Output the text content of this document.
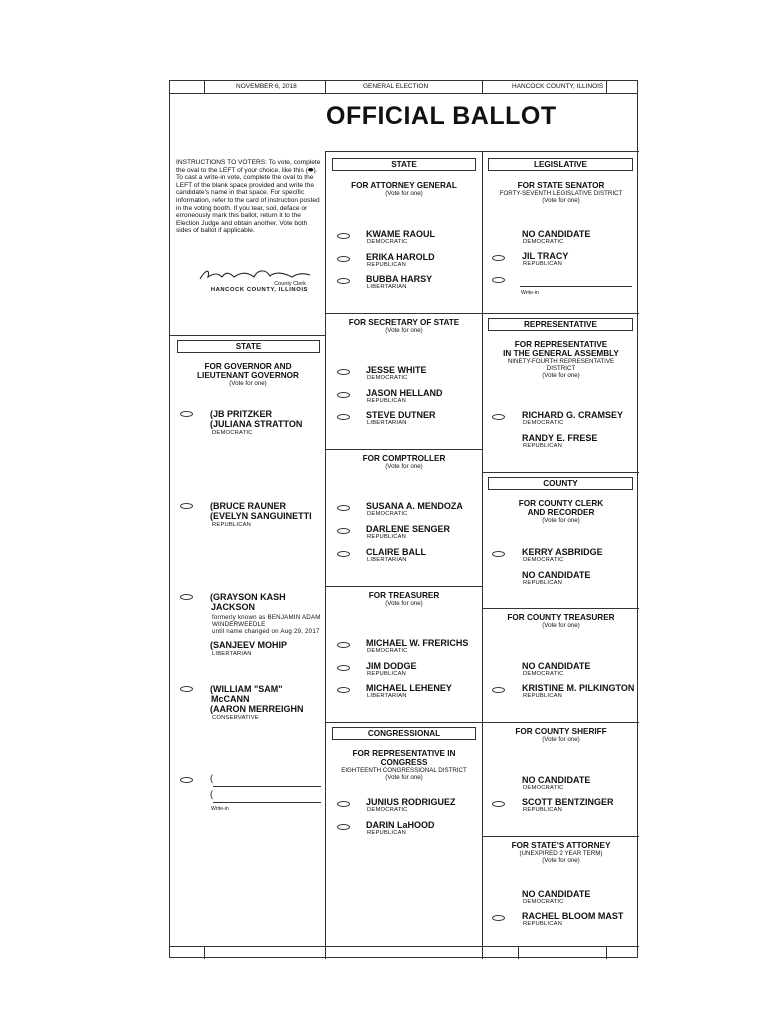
NOVEMBER 6, 2018	GENERAL ELECTION	HANCOCK COUNTY, ILLINOIS
OFFICIAL BALLOT
INSTRUCTIONS TO VOTERS: To vote, complete the oval to the LEFT of your choice, like this (⬬). To cast a write-in vote, complete the oval to the LEFT of the blank space provided and write the candidate's name in that space. For specific information, refer to the card of instruction posted in the voting booth. If you tear, soil, deface or erroneously mark this ballot, return it to the Election Judge and obtain another. Vote both sides of ballot if applicable.
County Clerk
HANCOCK COUNTY, ILLINOIS
STATE
FOR GOVERNOR AND
LIEUTENANT GOVERNOR
(Vote for one)
(JB PRITZKER
(JULIANA STRATTON
DEMOCRATIC
(BRUCE RAUNER
(EVELYN SANGUINETTI
REPUBLICAN
(GRAYSON KASH
JACKSON
formerly known as BENJAMIN ADAM
WINDERWEEDLE
until name changed on Aug 29, 2017
(SANJEEV MOHIP
LIBERTARIAN
(WILLIAM "SAM"
McCANN
(AARON MERREIGHN
CONSERVATIVE
(
(
Write-in
STATE
FOR ATTORNEY GENERAL
(Vote for one)
KWAME RAOUL
DEMOCRATIC
ERIKA HAROLD
REPUBLICAN
BUBBA HARSY
LIBERTARIAN
FOR SECRETARY OF STATE
(Vote for one)
JESSE WHITE
DEMOCRATIC
JASON HELLAND
REPUBLICAN
STEVE DUTNER
LIBERTARIAN
FOR COMPTROLLER
(Vote for one)
SUSANA A. MENDOZA
DEMOCRATIC
DARLENE SENGER
REPUBLICAN
CLAIRE BALL
LIBERTARIAN
FOR TREASURER
(Vote for one)
MICHAEL W. FRERICHS
DEMOCRATIC
JIM DODGE
REPUBLICAN
MICHAEL LEHENEY
LIBERTARIAN
CONGRESSIONAL
FOR REPRESENTATIVE IN
CONGRESS
EIGHTEENTH CONGRESSIONAL DISTRICT
(Vote for one)
JUNIUS RODRIGUEZ
DEMOCRATIC
DARIN LaHOOD
REPUBLICAN
LEGISLATIVE
FOR STATE SENATOR
FORTY-SEVENTH LEGISLATIVE DISTRICT
(Vote for one)
NO CANDIDATE
DEMOCRATIC
JIL TRACY
REPUBLICAN
Write-in
REPRESENTATIVE
FOR REPRESENTATIVE
IN THE GENERAL ASSEMBLY
NINETY-FOURTH REPRESENTATIVE
DISTRICT
(Vote for one)
RICHARD G. CRAMSEY
DEMOCRATIC
RANDY E. FRESE
REPUBLICAN
COUNTY
FOR COUNTY CLERK
AND RECORDER
(Vote for one)
KERRY ASBRIDGE
DEMOCRATIC
NO CANDIDATE
REPUBLICAN
FOR COUNTY TREASURER
(Vote for one)
NO CANDIDATE
DEMOCRATIC
KRISTINE M. PILKINGTON
REPUBLICAN
FOR COUNTY SHERIFF
(Vote for one)
NO CANDIDATE
DEMOCRATIC
SCOTT BENTZINGER
REPUBLICAN
FOR STATE'S ATTORNEY
(UNEXPIRED 2 YEAR TERM)
(Vote for one)
NO CANDIDATE
DEMOCRATIC
RACHEL BLOOM MAST
REPUBLICAN
